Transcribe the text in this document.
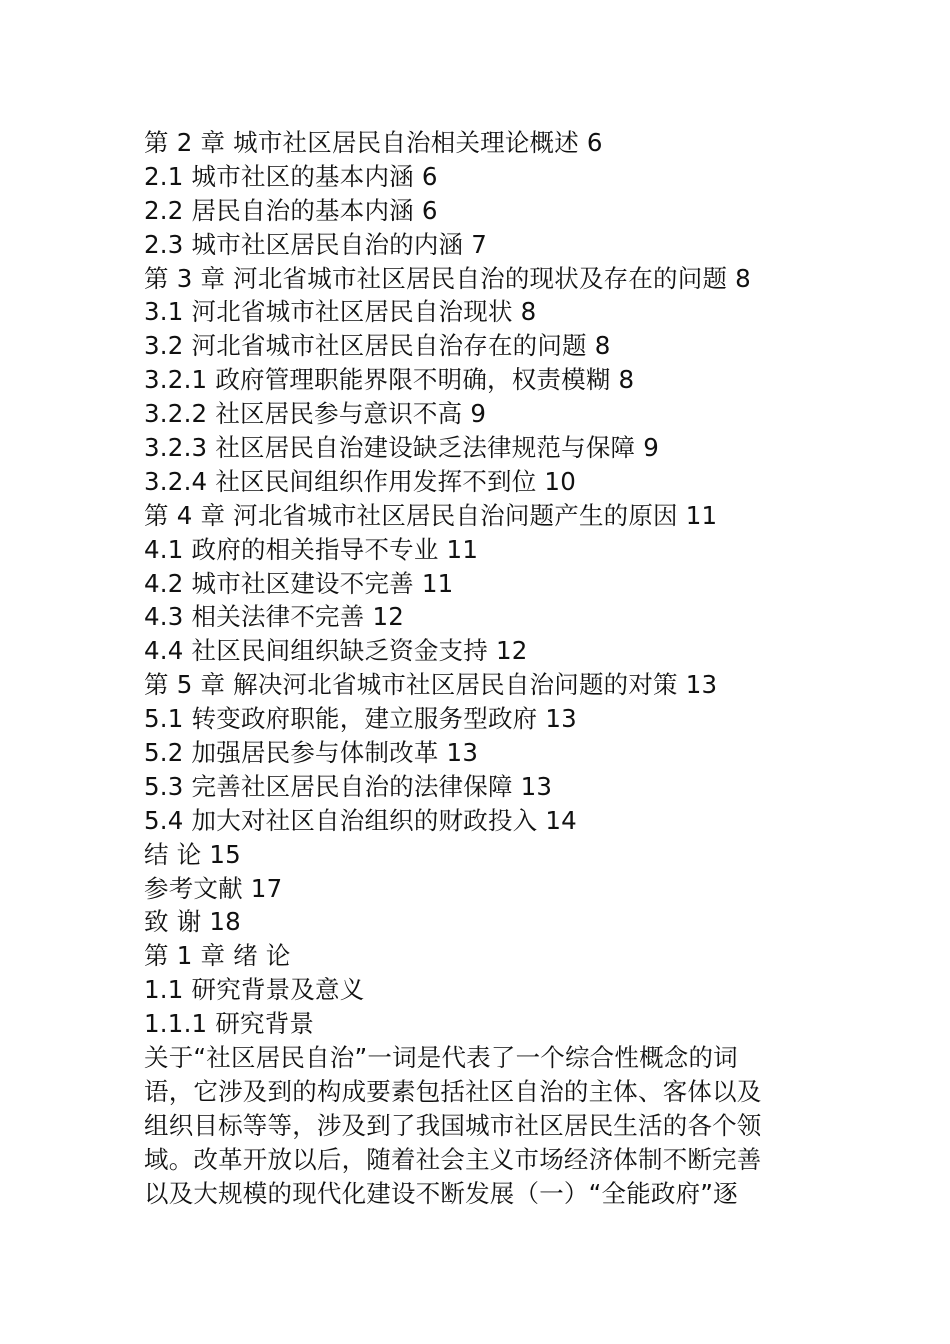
第 2 章 城市社区居民自治相关理论概述 6
2.1 城市社区的基本内涵 6
2.2 居民自治的基本内涵 6
2.3 城市社区居民自治的内涵 7
第 3 章 河北省城市社区居民自治的现状及存在的问题 8
3.1 河北省城市社区居民自治现状 8
3.2 河北省城市社区居民自治存在的问题 8
3.2.1 政府管理职能界限不明确，权责模糊 8
3.2.2 社区居民参与意识不高 9
3.2.3 社区居民自治建设缺乏法律规范与保障 9
3.2.4 社区民间组织作用发挥不到位 10
第 4 章 河北省城市社区居民自治问题产生的原因 11
4.1 政府的相关指导不专业 11
4.2 城市社区建设不完善 11
4.3 相关法律不完善 12
4.4 社区民间组织缺乏资金支持 12
第 5 章 解决河北省城市社区居民自治问题的对策 13
5.1 转变政府职能，建立服务型政府 13
5.2 加强居民参与体制改革 13
5.3 完善社区居民自治的法律保障 13
5.4 加大对社区自治组织的财政投入 14
结 论 15
参考文献 17
致 谢 18
第 1 章 绪 论
1.1 研究背景及意义
1.1.1 研究背景
关于“社区居民自治”一词是代表了一个综合性概念的词
语，它涉及到的构成要素包括社区自治的主体、客体以及
组织目标等等，涉及到了我国城市社区居民生活的各个领
域。改革开放以后，随着社会主义市场经济体制不断完善
以及大规模的现代化建设不断发展（一）“全能政府”逐
